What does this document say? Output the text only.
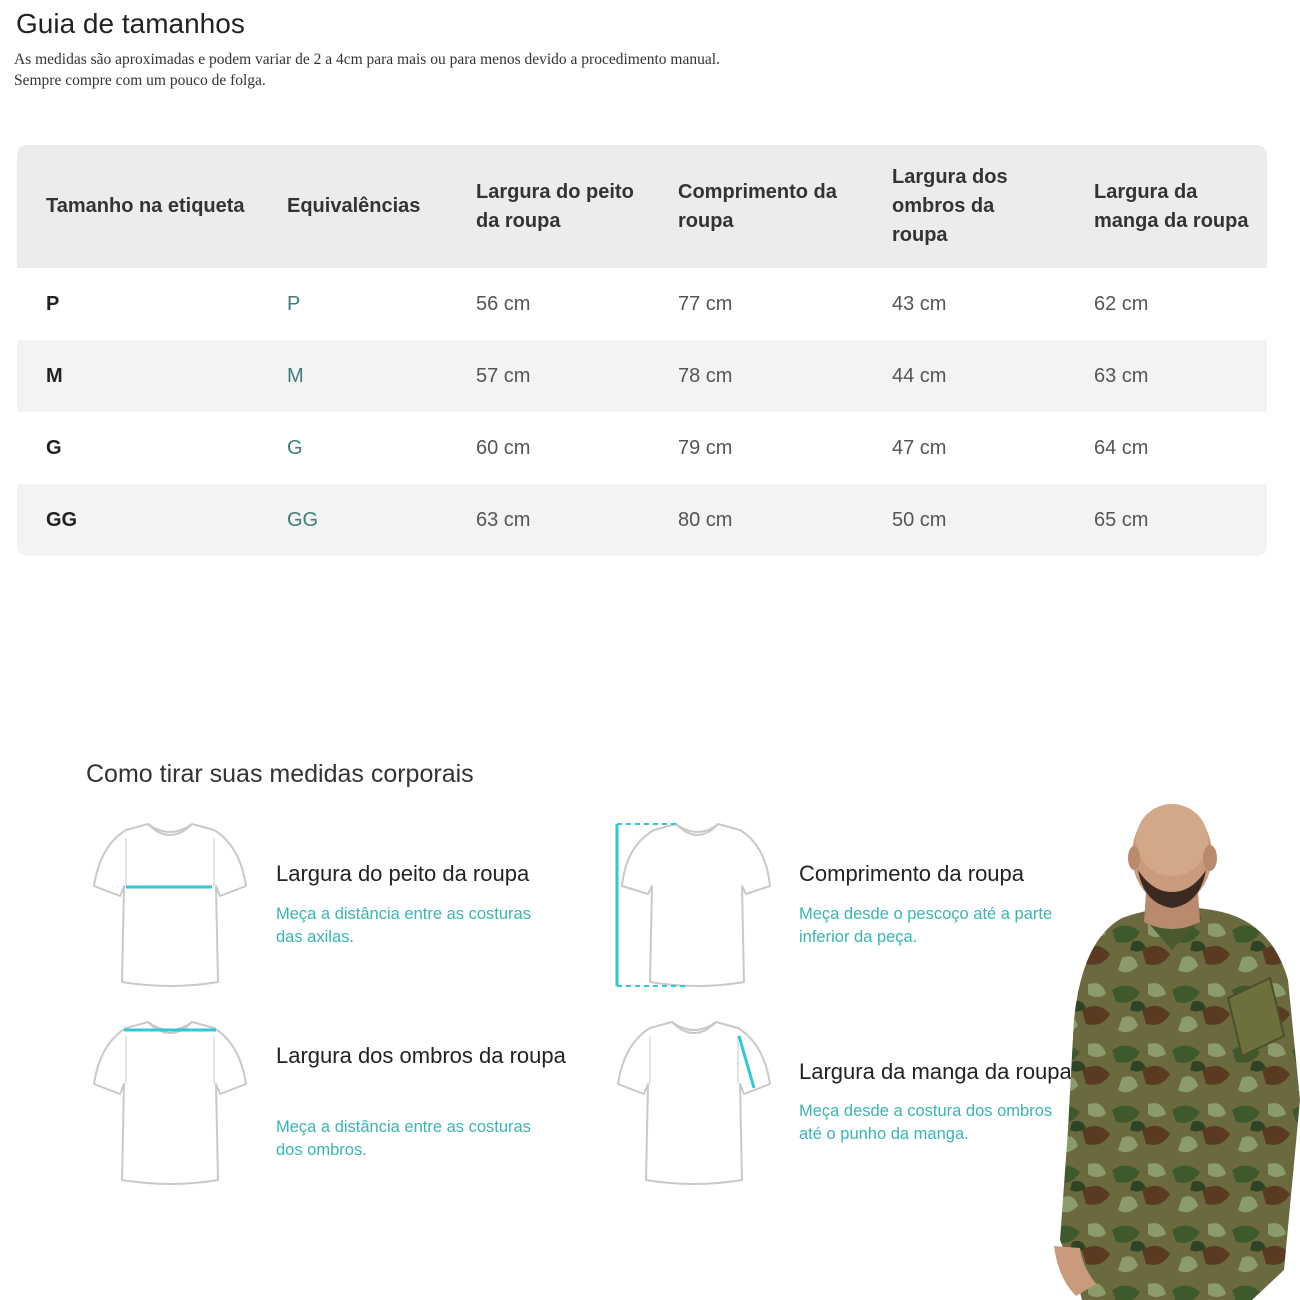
Guia de tamanhos

As medidas são aproximadas e podem variar de 2 a 4cm para mais ou para menos devido a procedimento manual.
Sempre compre com um pouco de folga.

Tamanho na etiqueta	Equivalências	Largura do peito da roupa	Comprimento da roupa	Largura dos ombros da roupa	Largura da manga da roupa
P	P	56 cm	77 cm	43 cm	62 cm
M	M	57 cm	78 cm	44 cm	63 cm
G	G	60 cm	79 cm	47 cm	64 cm
GG	GG	63 cm	80 cm	50 cm	65 cm
Como tirar suas medidas corporais
Largura do peito da roupa

Meça a distância entre as costuras
das axilas.

Comprimento da roupa

Meça desde o pescoço até a parte
inferior da peça.

Largura dos ombros da roupa

Meça a distância entre as costuras
dos ombros.

Largura da manga da roupa

Meça desde a costura dos ombros
até o punho da manga.
